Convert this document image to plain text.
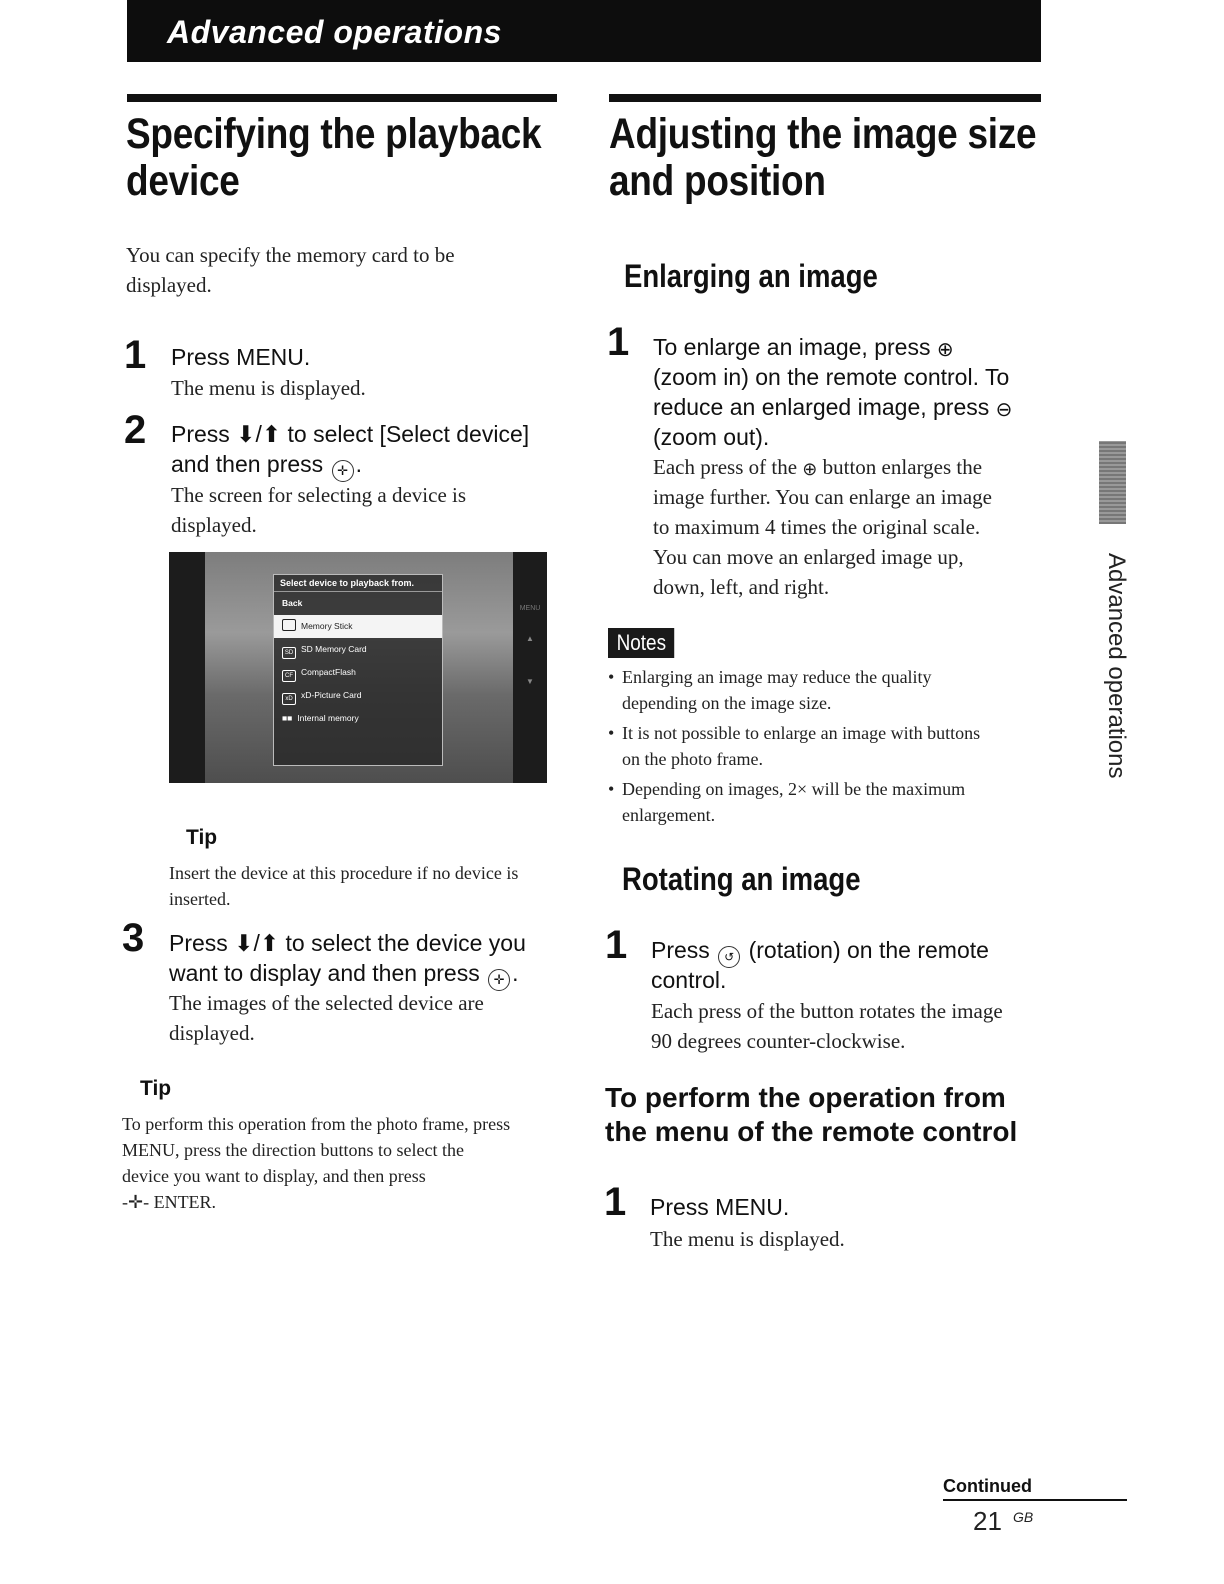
Advanced operations
Specifying the playback
device
You can specify the memory card to be
displayed.
1 Press MENU.
The menu is displayed.
2 Press ⬇/⬆ to select [Select device]
and then press ✛ .
The screen for selecting a device is
displayed.
MENU
▲
▼
Select device to playback from.
Back
Memory Stick
SD SD Memory Card
CF CompactFlash
xD xD-Picture Card
■■ Internal memory
Tip
Insert the device at this procedure if no device is
inserted.
3 Press ⬇/⬆ to select the device you
want to display and then press ✛ .
The images of the selected device are
displayed.
Tip
To perform this operation from the photo frame, press
MENU, press the direction buttons to select the
device you want to display, and then press
-✛- ENTER.
Adjusting the image size
and position
Enlarging an image
1 To enlarge an image, press ⊕
(zoom in) on the remote control. To
reduce an enlarged image, press ⊖
(zoom out).
Each press of the ⊕ button enlarges the
image further. You can enlarge an image
to maximum 4 times the original scale.
You can move an enlarged image up,
down, left, and right.
Notes
• Enlarging an image may reduce the quality
depending on the image size.
• It is not possible to enlarge an image with buttons
on the photo frame.
• Depending on images, 2× will be the maximum
enlargement.
Rotating an image
1 Press ↺ (rotation) on the remote
control.
Each press of the button rotates the image
90 degrees counter-clockwise.
To perform the operation from
the menu of the remote control
1 Press MENU.
The menu is displayed.
Advanced operations
Continued
21 GB
